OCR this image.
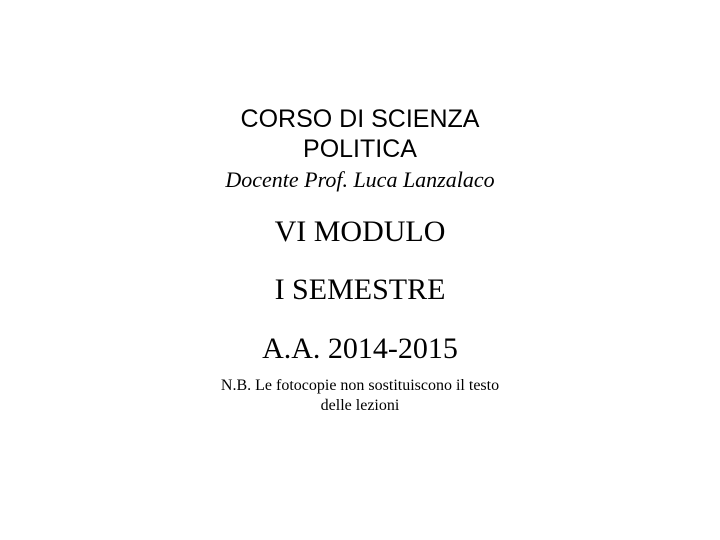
CORSO DI SCIENZA
POLITICA
Docente Prof. Luca Lanzalaco
VI MODULO
I SEMESTRE
A.A. 2014-2015
N.B. Le fotocopie non sostituiscono il testo
delle lezioni
